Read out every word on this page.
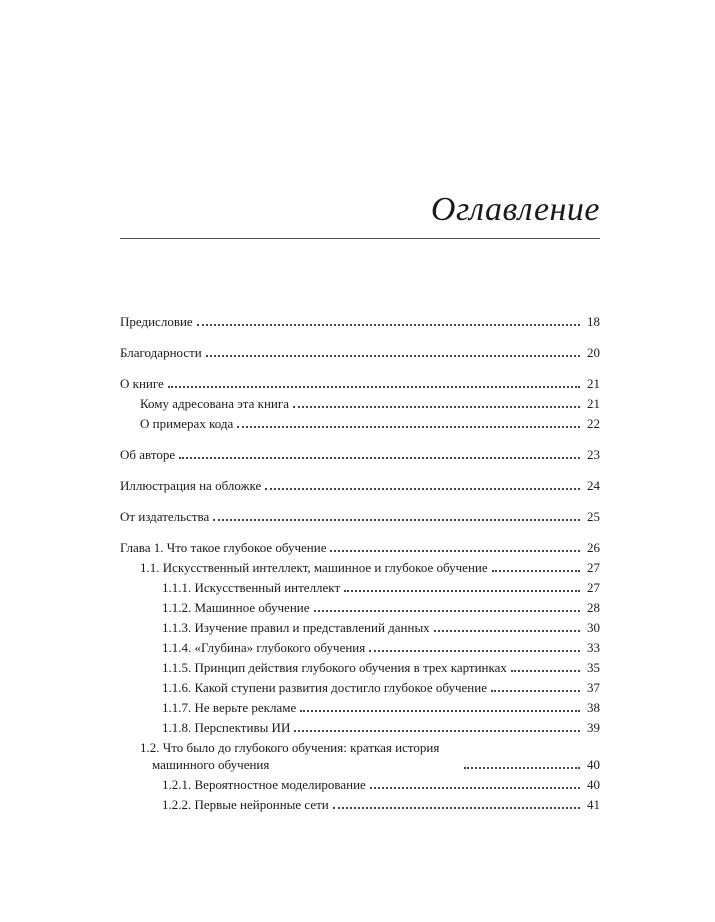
Оглавление
Предисловие	18
Благодарности	20
О книге	21
Кому адресована эта книга	21
О примерах кода	22
Об авторе	23
Иллюстрация на обложке	24
От издательства	25
Глава 1. Что такое глубокое обучение	26
1.1. Искусственный интеллект, машинное и глубокое обучение	27
1.1.1. Искусственный интеллект	27
1.1.2. Машинное обучение	28
1.1.3. Изучение правил и представлений данных	30
1.1.4. «Глубина» глубокого обучения	33
1.1.5. Принцип действия глубокого обучения в трех картинках	35
1.1.6. Какой ступени развития достигло глубокое обучение	37
1.1.7. Не верьте рекламе	38
1.1.8. Перспективы ИИ	39
1.2. Что было до глубокого обучения: краткая история
машинного обучения	40
1.2.1. Вероятностное моделирование	40
1.2.2. Первые нейронные сети	41
